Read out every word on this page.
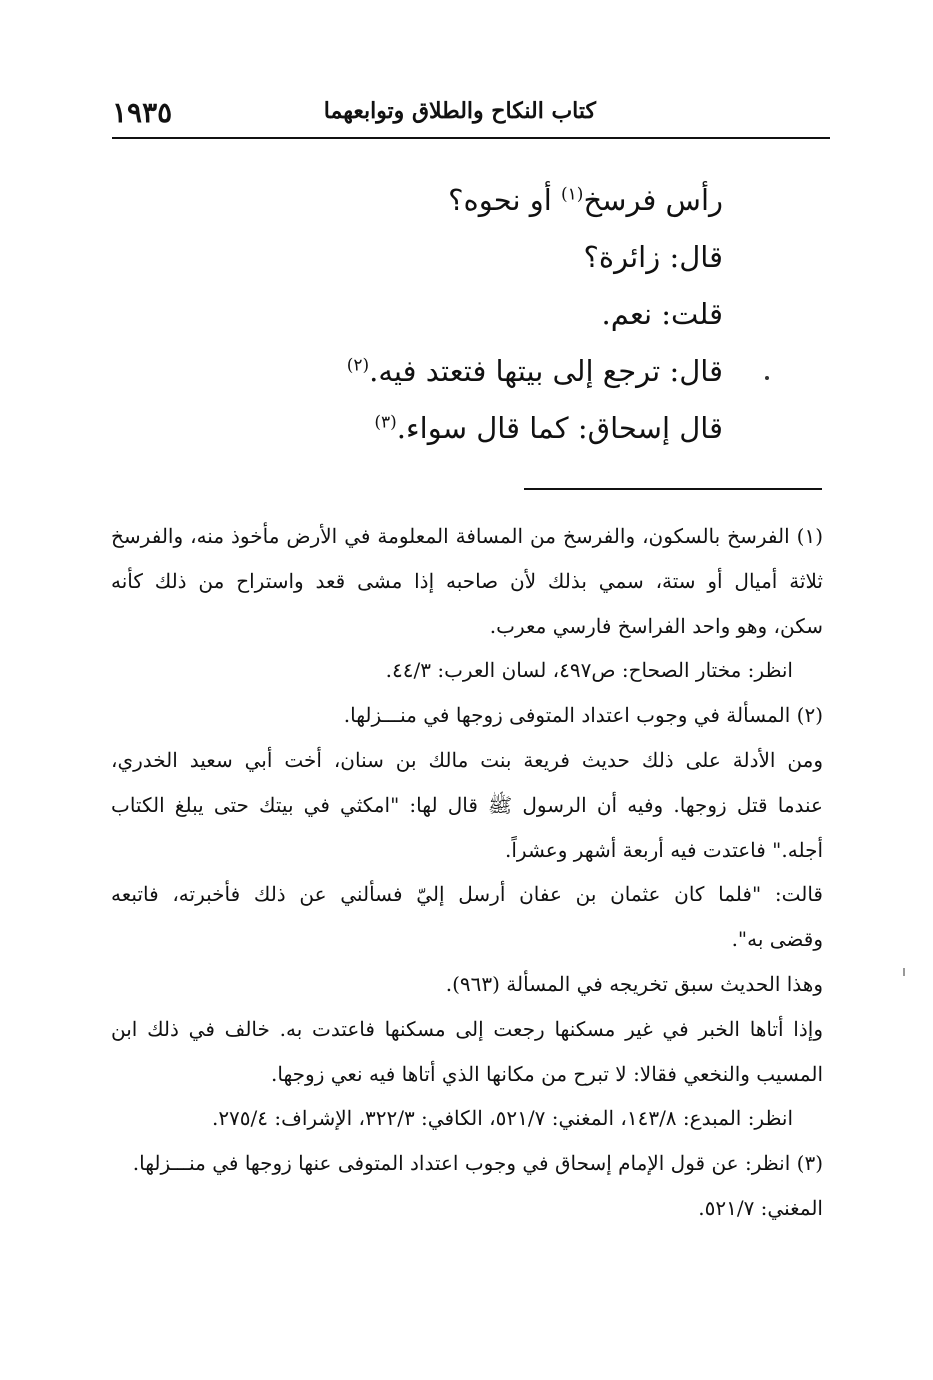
١٩٣٥	كتاب النكاح والطلاق وتوابعهما
رأس فرسخ$^{(١)}$ أو نحوه؟
قال: زائرة؟
قلت: نعم.
قال: ترجع إلى بيتها فتعتد فيه.$^{(٢)}$
قال إسحاق: كما قال سواء.$^{(٣)}$
(١) الفرسخ بالسكون، والفرسخ من المسافة المعلومة في الأرض مأخوذ منه، والفرسخ
ثلاثة أميال أو ستة، سمي بذلك لأن صاحبه إذا مشى قعد واستراح من ذلك كأنه
سكن، وهو واحد الفراسخ فارسي معرب.
انظر: مختار الصحاح: ص٤٩٧، لسان العرب: ٤٤/٣.
(٢) المسألة في وجوب اعتداد المتوفى زوجها في منـــزلها.
ومن الأدلة على ذلك حديث فريعة بنت مالك بن سنان، أخت أبي سعيد الخدري،
عندما قتل زوجها. وفيه أن الرسول ﷺ قال لها: "امكثي في بيتك حتى يبلغ الكتاب
أجله." فاعتدت فيه أربعة أشهر وعشراً.
قالت: "فلما كان عثمان بن عفان أرسل إليّ فسألني عن ذلك فأخبرته، فاتبعه
وقضى به".
وهذا الحديث سبق تخريجه في المسألة (٩٦٣).
وإذا أتاها الخبر في غير مسكنها رجعت إلى مسكنها فاعتدت به. خالف في ذلك ابن
المسيب والنخعي فقالا: لا تبرح من مكانها الذي أتاها فيه نعي زوجها.
انظر: المبدع: ١٤٣/٨، المغني: ٥٢١/٧، الكافي: ٣٢٢/٣، الإشراف: ٢٧٥/٤.
(٣) انظر: عن قول الإمام إسحاق في وجوب اعتداد المتوفى عنها زوجها في منـــزلها.
المغني: ٥٢١/٧.
